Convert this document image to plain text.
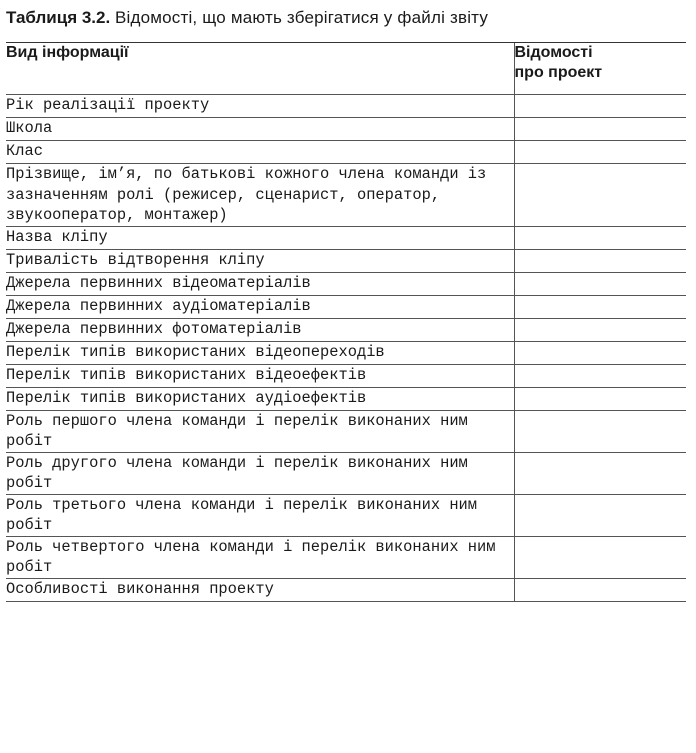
Таблиця 3.2. Відомості, що мають зберігатися у файлі звіту
Вид інформації	Відомості
про проект
Рік реалізації проекту	
Школа	
Клас	
Прізвище, ім’я, по батькові кожного члена команди із зазначенням ролі (режисер, сценарист, оператор, звукооператор, монтажер)	
Назва кліпу	
Тривалість відтворення кліпу	
Джерела первинних відеоматеріалів	
Джерела первинних аудіоматеріалів	
Джерела первинних фотоматеріалів	
Перелік типів використаних відеопереходів	
Перелік типів використаних відеоефектів	
Перелік типів використаних аудіоефектів	
Роль першого члена команди і перелік виконаних ним робіт	
Роль другого члена команди і перелік виконаних ним робіт	
Роль третього члена команди і перелік виконаних ним робіт	
Роль четвертого члена команди і перелік виконаних ним робіт	
Особливості виконання проекту	
